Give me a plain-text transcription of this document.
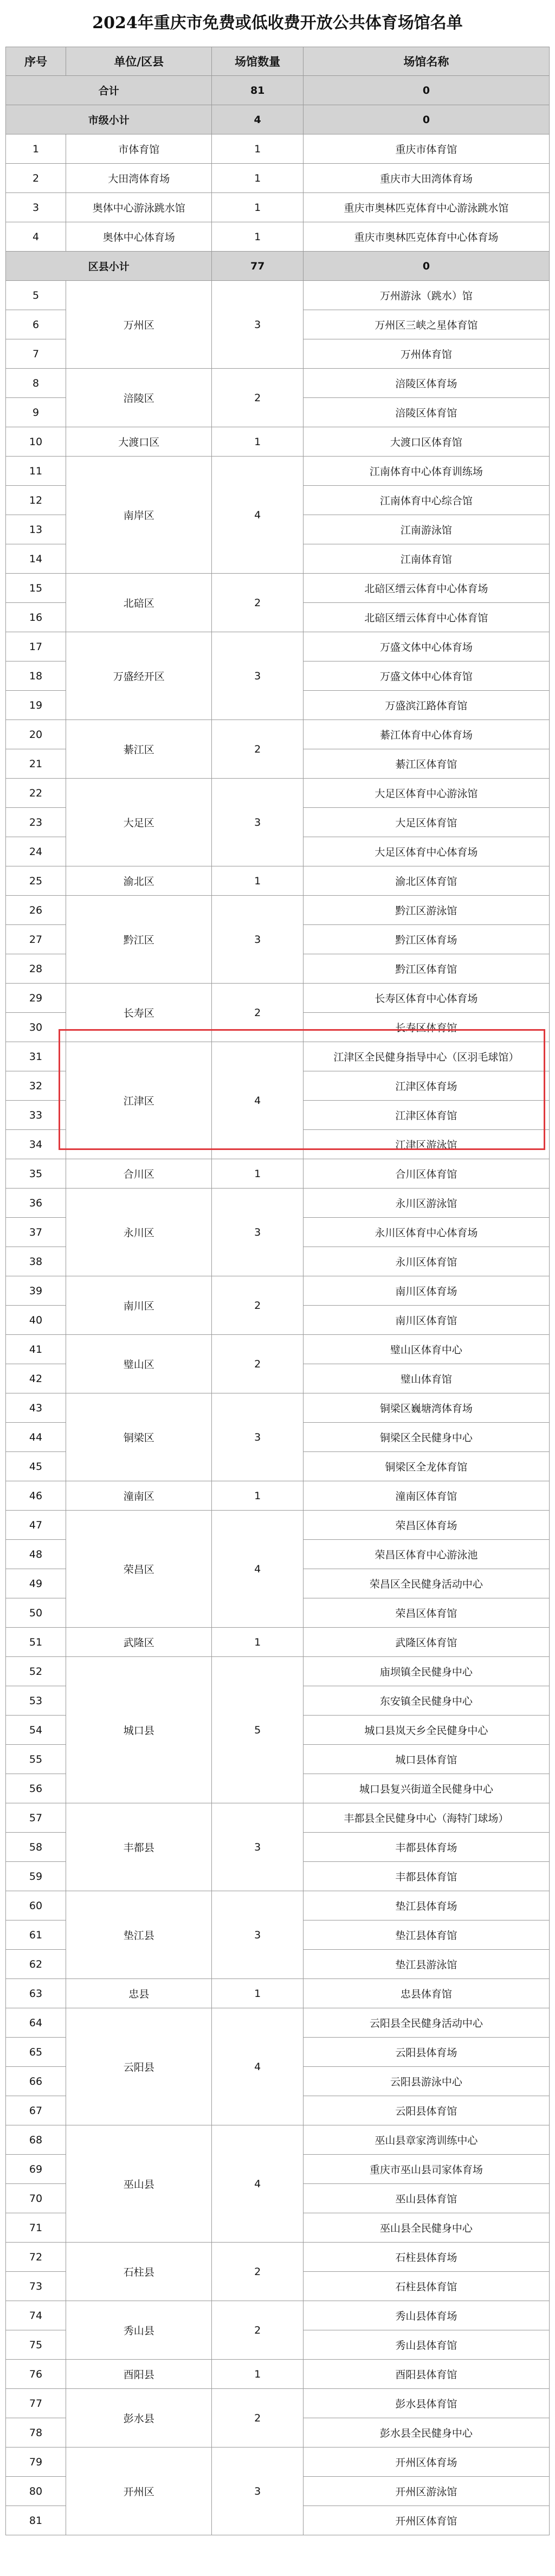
2024年重庆市免费或低收费开放公共体育场馆名单
序号	单位/区县	场馆数量	场馆名称
合计		81	0
市级小计		4	0
1	市体育馆	1	重庆市体育馆
2	大田湾体育场	1	重庆市大田湾体育场
3	奥体中心游泳跳水馆	1	重庆市奥林匹克体育中心游泳跳水馆
4	奥体中心体育场	1	重庆市奥林匹克体育中心体育场
区县小计		77	0
5	万州区	3	万州游泳（跳水）馆
6			万州区三峡之星体育馆
7			万州体育馆
8	涪陵区	2	涪陵区体育场
9			涪陵区体育馆
10	大渡口区	1	大渡口区体育馆
11	南岸区	4	江南体育中心体育训练场
12			江南体育中心综合馆
13			江南游泳馆
14			江南体育馆
15	北碚区	2	北碚区缙云体育中心体育场
16			北碚区缙云体育中心体育馆
17	万盛经开区	3	万盛文体中心体育场
18			万盛文体中心体育馆
19			万盛滨江路体育馆
20	綦江区	2	綦江体育中心体育场
21			綦江区体育馆
22	大足区	3	大足区体育中心游泳馆
23			大足区体育馆
24			大足区体育中心体育场
25	渝北区	1	渝北区体育馆
26	黔江区	3	黔江区游泳馆
27			黔江区体育场
28			黔江区体育馆
29	长寿区	2	长寿区体育中心体育场
30			长寿区体育馆
31	江津区	4	江津区全民健身指导中心（区羽毛球馆）
32			江津区体育场
33			江津区体育馆
34			江津区游泳馆
35	合川区	1	合川区体育馆
36	永川区	3	永川区游泳馆
37			永川区体育中心体育场
38			永川区体育馆
39	南川区	2	南川区体育场
40			南川区体育馆
41	璧山区	2	璧山区体育中心
42			璧山体育馆
43	铜梁区	3	铜梁区巍塘湾体育场
44			铜梁区全民健身中心
45			铜梁区全龙体育馆
46	潼南区	1	潼南区体育馆
47	荣昌区	4	荣昌区体育场
48			荣昌区体育中心游泳池
49			荣昌区全民健身活动中心
50			荣昌区体育馆
51	武隆区	1	武隆区体育馆
52	城口县	5	庙坝镇全民健身中心
53			东安镇全民健身中心
54			城口县岚天乡全民健身中心
55			城口县体育馆
56			城口县复兴街道全民健身中心
57	丰都县	3	丰都县全民健身中心（海特门球场）
58			丰都县体育场
59			丰都县体育馆
60	垫江县	3	垫江县体育场
61			垫江县体育馆
62			垫江县游泳馆
63	忠县	1	忠县体育馆
64	云阳县	4	云阳县全民健身活动中心
65			云阳县体育场
66			云阳县游泳中心
67			云阳县体育馆
68	巫山县	4	巫山县章家湾训练中心
69			重庆市巫山县司家体育场
70			巫山县体育馆
71			巫山县全民健身中心
72	石柱县	2	石柱县体育场
73			石柱县体育馆
74	秀山县	2	秀山县体育场
75			秀山县体育馆
76	酉阳县	1	酉阳县体育馆
77	彭水县	2	彭水县体育馆
78			彭水县全民健身中心
79	开州区	3	开州区体育场
80			开州区游泳馆
81			开州区体育馆
